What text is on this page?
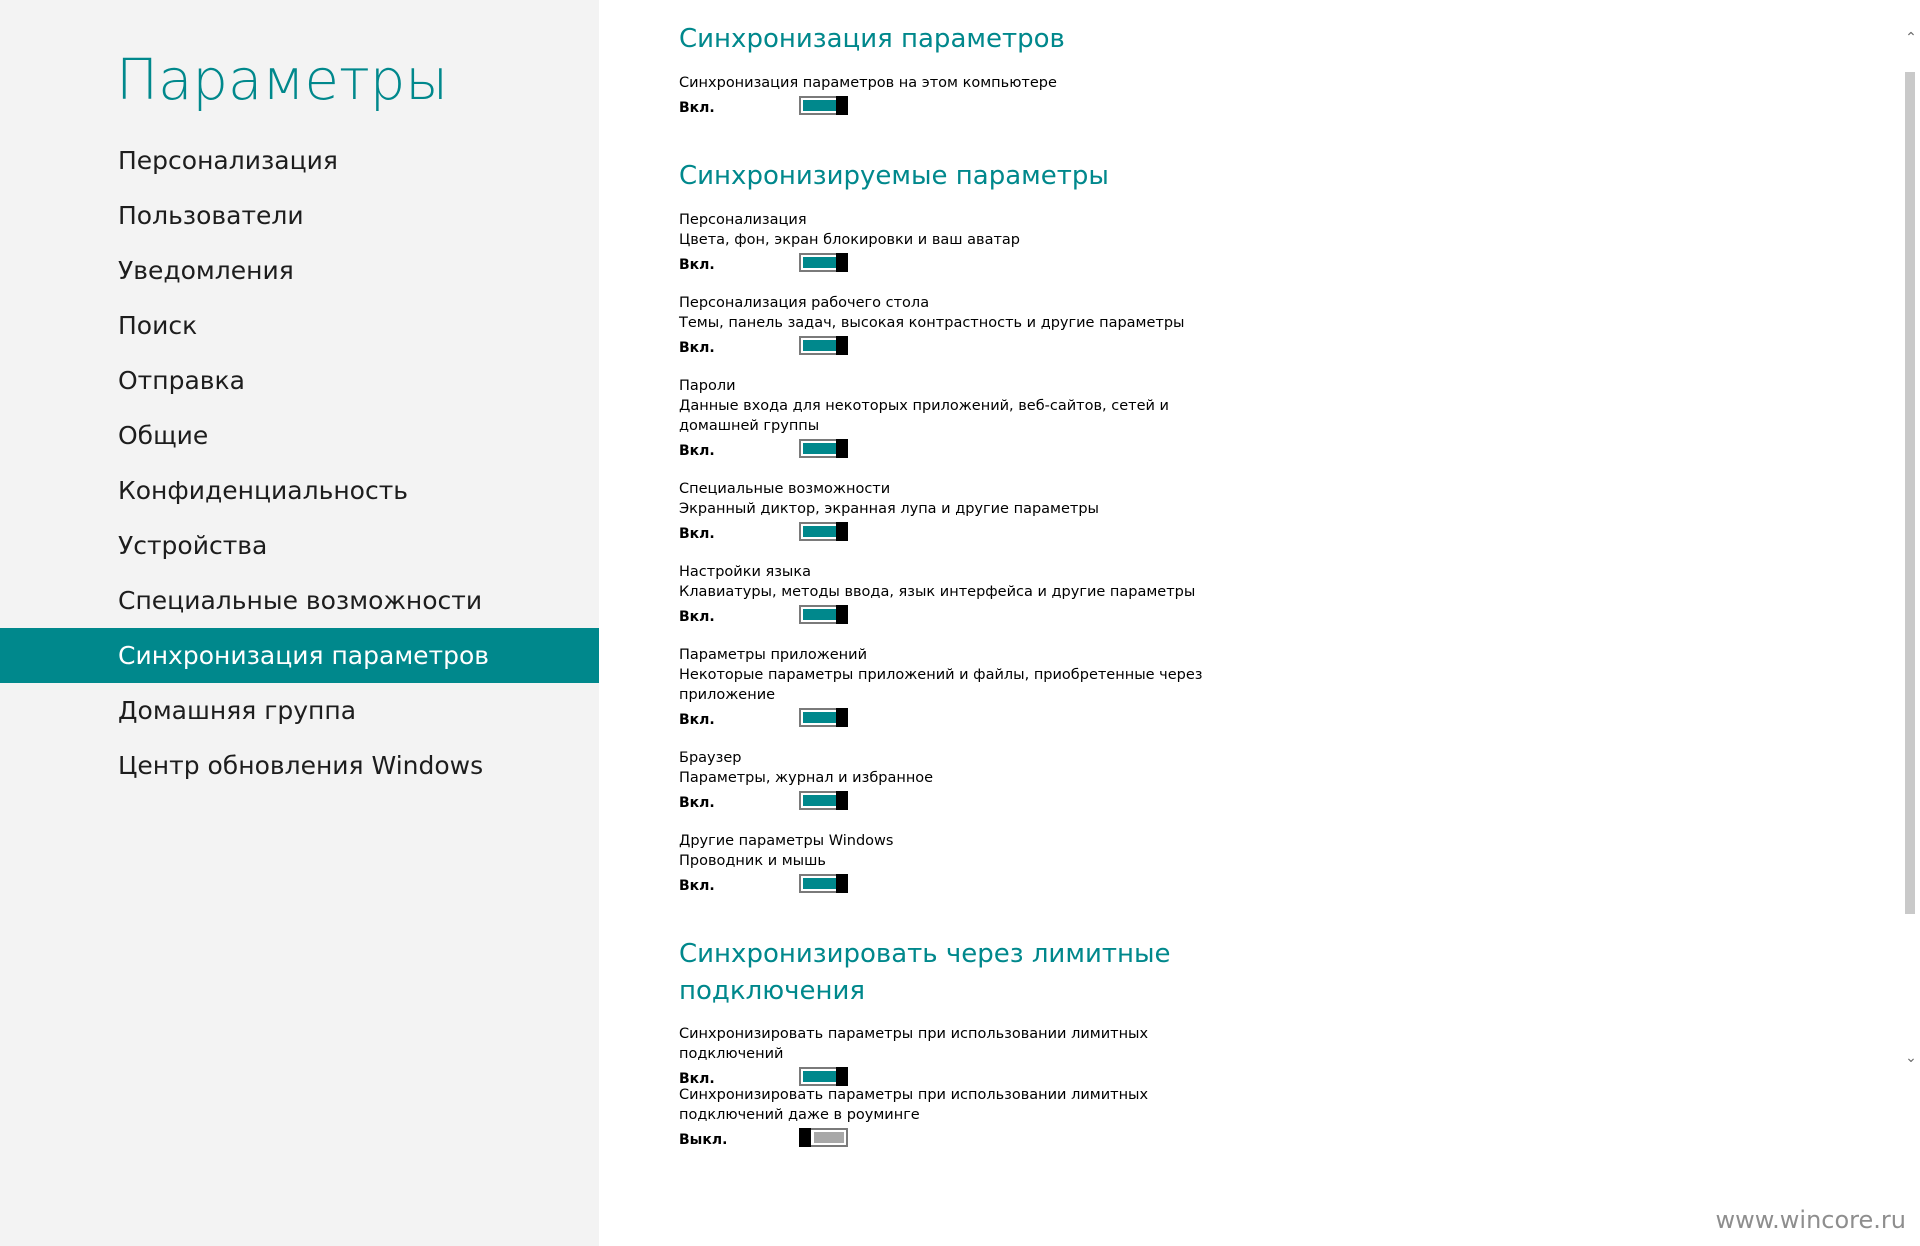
Параметры
Персонализация
Пользователи
Уведомления
Поиск
Отправка
Общие
Конфиденциальность
Устройства
Специальные возможности
Синхронизация параметров
Домашняя группа
Центр обновления Windows
Синхронизация параметров
Синхронизация параметров на этом компьютере
Вкл.
Синхронизируемые параметры
Персонализация
Цвета, фон, экран блокировки и ваш аватар
Вкл.
Персонализация рабочего стола
Темы, панель задач, высокая контрастность и другие параметры
Вкл.
Пароли
Данные входа для некоторых приложений, веб-сайтов, сетей и домашней группы
Вкл.
Специальные возможности
Экранный диктор, экранная лупа и другие параметры
Вкл.
Настройки языка
Клавиатуры, методы ввода, язык интерфейса и другие параметры
Вкл.
Параметры приложений
Некоторые параметры приложений и файлы, приобретенные через приложение
Вкл.
Браузер
Параметры, журнал и избранное
Вкл.
Другие параметры Windows
Проводник и мышь
Вкл.
Синхронизировать через лимитные
подключения
Синхронизировать параметры при использовании лимитных подключений
Вкл.
Синхронизировать параметры при использовании лимитных подключений даже в роуминге
Выкл.
⌃
⌄
www.wincore.ru
